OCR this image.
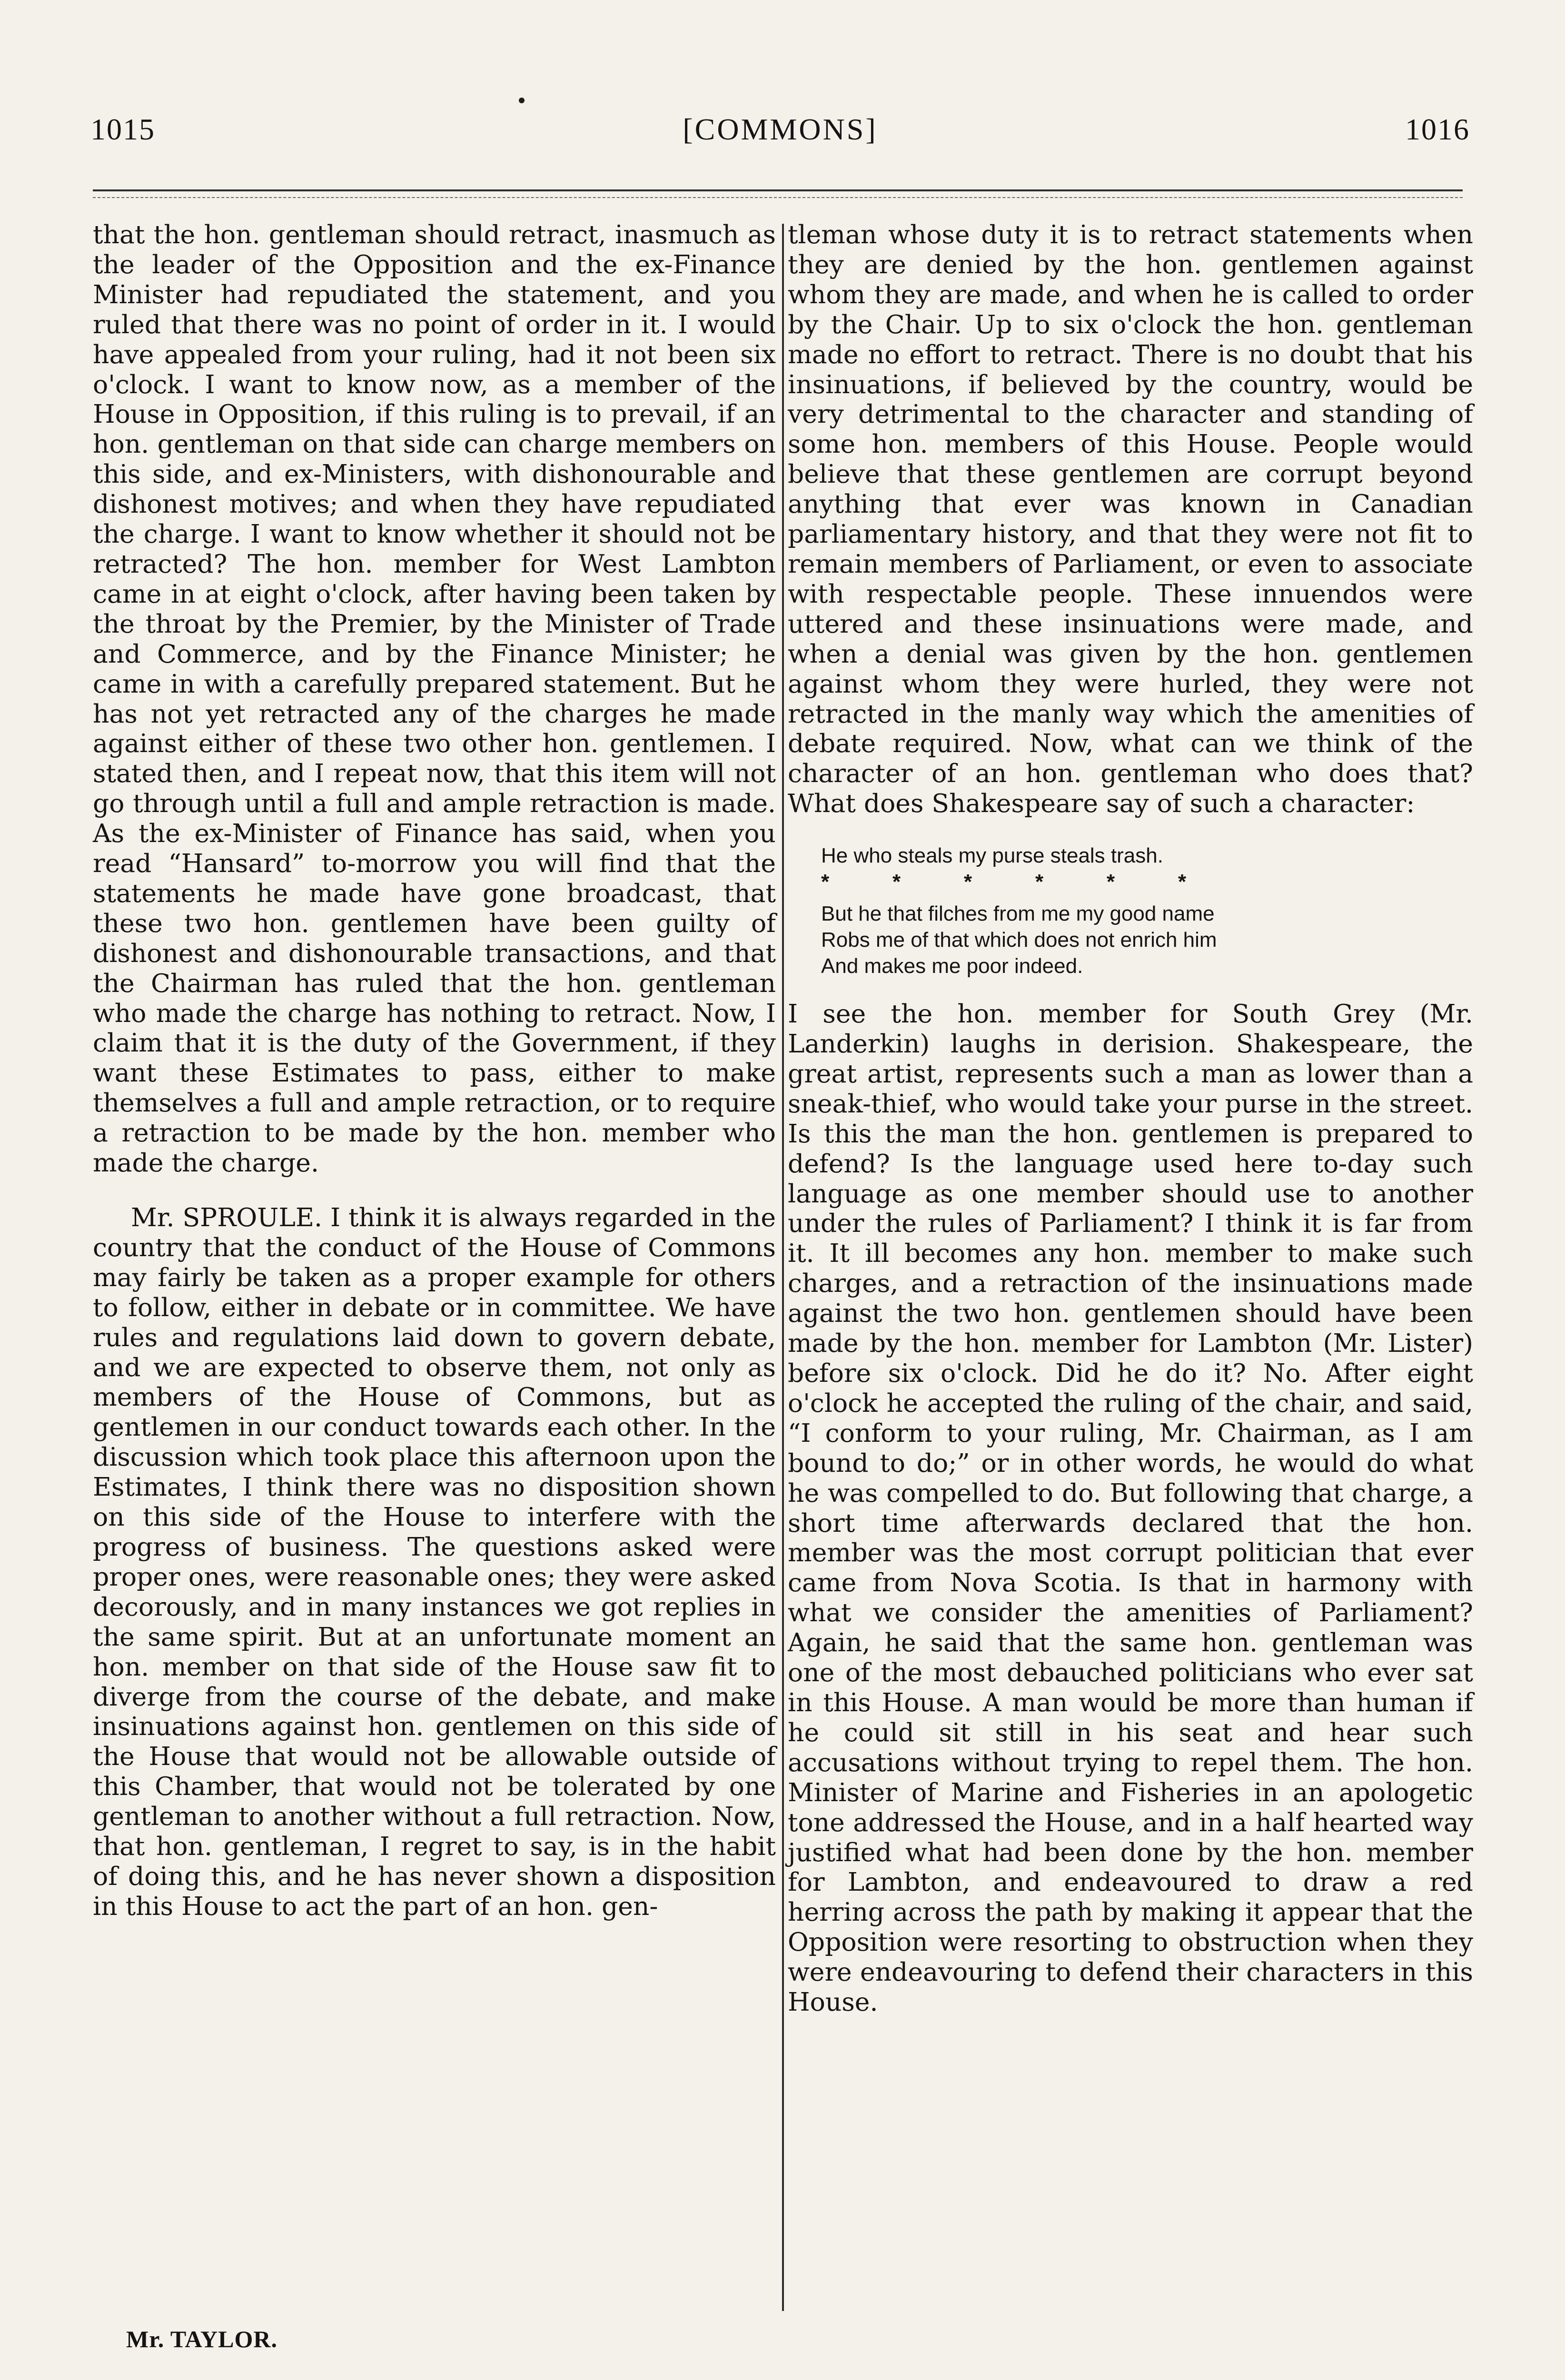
1015	[COMMONS]	1016

that the hon. gentleman should retract, inasmuch as the leader of the Opposition and the ex-Finance Minister had repudiated the statement, and you ruled that there was no point of order in it. I would have appealed from your ruling, had it not been six o'clock. I want to know now, as a member of the House in Opposition, if this ruling is to prevail, if an hon. gentleman on that side can charge members on this side, and ex-Ministers, with dishonourable and dishonest motives; and when they have repudiated the charge. I want to know whether it should not be retracted? The hon. member for West Lambton came in at eight o'clock, after having been taken by the throat by the Premier, by the Minister of Trade and Commerce, and by the Finance Minister; he came in with a carefully prepared statement. But he has not yet retracted any of the charges he made against either of these two other hon. gentlemen. I stated then, and I repeat now, that this item will not go through until a full and ample retraction is made. As the ex-Minister of Finance has said, when you read “Hansard” to-morrow you will find that the statements he made have gone broadcast, that these two hon. gentlemen have been guilty of dishonest and dishonourable transactions, and that the Chairman has ruled that the hon. gentleman who made the charge has nothing to retract. Now, I claim that it is the duty of the Government, if they want these Estimates to pass, either to make themselves a full and ample retraction, or to require a retraction to be made by the hon. member who made the charge.

Mr. SPROULE. I think it is always regarded in the country that the conduct of the House of Commons may fairly be taken as a proper example for others to follow, either in debate or in committee. We have rules and regulations laid down to govern debate, and we are expected to observe them, not only as members of the House of Commons, but as gentlemen in our conduct towards each other. In the discussion which took place this afternoon upon the Estimates, I think there was no disposition shown on this side of the House to interfere with the progress of business. The questions asked were proper ones, were reasonable ones; they were asked decorously, and in many instances we got replies in the same spirit. But at an unfortunate moment an hon. member on that side of the House saw fit to diverge from the course of the debate, and make insinuations against hon. gentlemen on this side of the House that would not be allowable outside of this Chamber, that would not be tolerated by one gentleman to another without a full retraction. Now, that hon. gentleman, I regret to say, is in the habit of doing this, and he has never shown a disposition in this House to act the part of an hon. gen-

tleman whose duty it is to retract statements when they are denied by the hon. gentlemen against whom they are made, and when he is called to order by the Chair. Up to six o'clock the hon. gentleman made no effort to retract. There is no doubt that his insinuations, if believed by the country, would be very detrimental to the character and standing of some hon. members of this House. People would believe that these gentlemen are corrupt beyond anything that ever was known in Canadian parliamentary history, and that they were not fit to remain members of Parliament, or even to associate with respectable people. These innuendos were uttered and these insinuations were made, and when a denial was given by the hon. gentlemen against whom they were hurled, they were not retracted in the manly way which the amenities of debate required. Now, what can we think of the character of an hon. gentleman who does that? What does Shakespeare say of such a character:

He who steals my purse steals trash.
*	*	*	*	*	*
But he that filches from me my good name
Robs me of that which does not enrich him
And makes me poor indeed.

I see the hon. member for South Grey (Mr. Landerkin) laughs in derision. Shakespeare, the great artist, represents such a man as lower than a sneak-thief, who would take your purse in the street. Is this the man the hon. gentlemen is prepared to defend? Is the language used here to-day such language as one member should use to another under the rules of Parliament? I think it is far from it. It ill becomes any hon. member to make such charges, and a retraction of the insinuations made against the two hon. gentlemen should have been made by the hon. member for Lambton (Mr. Lister) before six o'clock. Did he do it? No. After eight o'clock he accepted the ruling of the chair, and said, “I conform to your ruling, Mr. Chairman, as I am bound to do;” or in other words, he would do what he was compelled to do. But following that charge, a short time afterwards declared that the hon. member was the most corrupt politician that ever came from Nova Scotia. Is that in harmony with what we consider the amenities of Parliament? Again, he said that the same hon. gentleman was one of the most debauched politicians who ever sat in this House. A man would be more than human if he could sit still in his seat and hear such accusations without trying to repel them. The hon. Minister of Marine and Fisheries in an apologetic tone addressed the House, and in a half hearted way justified what had been done by the hon. member for Lambton, and endeavoured to draw a red herring across the path by making it appear that the Opposition were resorting to obstruction when they were endeavouring to defend their characters in this House.

Mr. TAYLOR.
